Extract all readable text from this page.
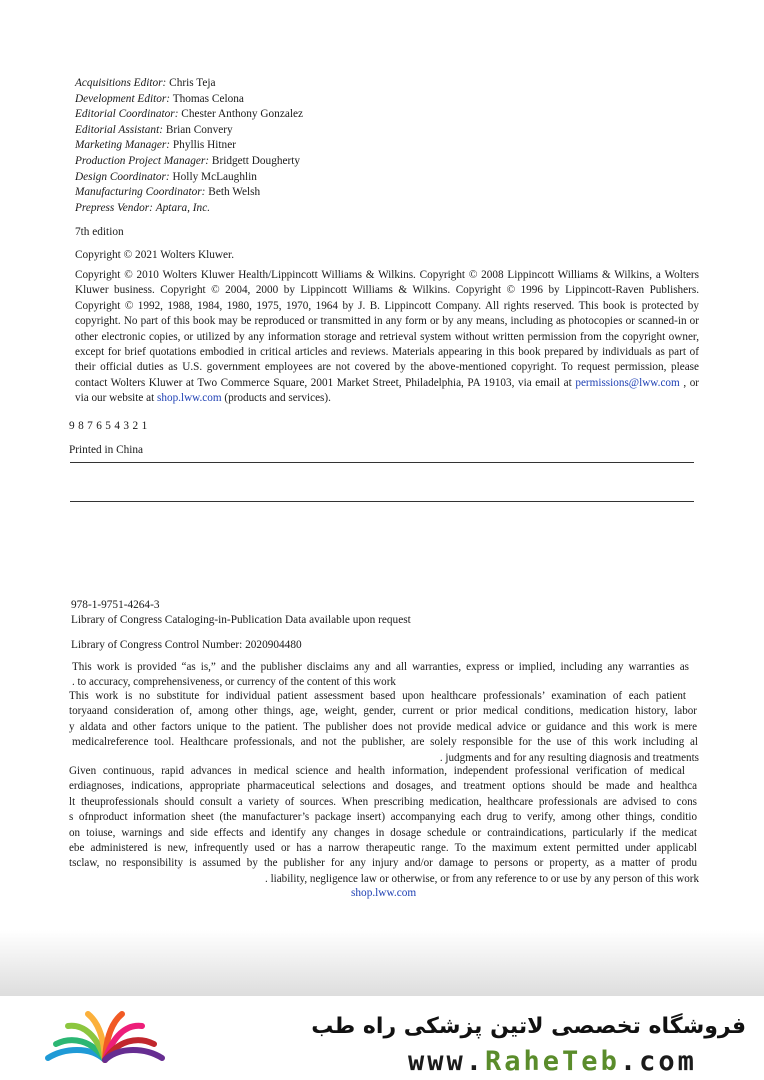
Acquisitions Editor: Chris Teja
Development Editor: Thomas Celona
Editorial Coordinator: Chester Anthony Gonzalez
Editorial Assistant: Brian Convery
Marketing Manager: Phyllis Hitner
Production Project Manager: Bridgett Dougherty
Design Coordinator: Holly McLaughlin
Manufacturing Coordinator: Beth Welsh
Prepress Vendor: Aptara, Inc.
7th edition
Copyright © 2021 Wolters Kluwer.
Copyright © 2010 Wolters Kluwer Health/Lippincott Williams & Wilkins. Copyright © 2008 Lippincott Williams & Wilkins, a Wolters Kluwer business. Copyright © 2004, 2000 by Lippincott Williams & Wilkins. Copyright © 1996 by Lippincott-Raven Publishers. Copyright © 1992, 1988, 1984, 1980, 1975, 1970, 1964 by J. B. Lippincott Company. All rights reserved. This book is protected by copyright. No part of this book may be reproduced or transmitted in any form or by any means, including as photocopies or scanned-in or other electronic copies, or utilized by any information storage and retrieval system without written permission from the copyright owner, except for brief quotations embodied in critical articles and reviews. Materials appearing in this book prepared by individuals as part of their official duties as U.S. government employees are not covered by the above-mentioned copyright. To request permission, please contact Wolters Kluwer at Two Commerce Square, 2001 Market Street, Philadelphia, PA 19103, via email at permissions@lww.com , or via our website at shop.lww.com (products and services).
9 8 7 6 5 4 3 2 1
Printed in China
978-1-9751-4264-3
Library of Congress Cataloging-in-Publication Data available upon request
Library of Congress Control Number: 2020904480
This work is provided “as is,” and the publisher disclaims any and all warranties, express or implied, including any warranties as
. to accuracy, comprehensiveness, or currency of the content of this work
This work is no substitute for individual patient assessment based upon healthcare professionals’ examination of each patient
toryaand consideration of, among other things, age, weight, gender, current or prior medical conditions, medication history, labor
y aldata and other factors unique to the patient. The publisher does not provide medical advice or guidance and this work is mere
medicalreference tool. Healthcare professionals, and not the publisher, are solely responsible for the use of this work including al
. judgments and for any resulting diagnosis and treatments
Given continuous, rapid advances in medical science and health information, independent professional verification of medical
erdiagnoses, indications, appropriate pharmaceutical selections and dosages, and treatment options should be made and healthca
lt theuprofessionals should consult a variety of sources. When prescribing medication, healthcare professionals are advised to cons
s ofnproduct information sheet (the manufacturer’s package insert) accompanying each drug to verify, among other things, conditio
on toiuse, warnings and side effects and identify any changes in dosage schedule or contraindications, particularly if the medicat
ebe administered is new, infrequently used or has a narrow therapeutic range. To the maximum extent permitted under applicabl
tsclaw, no responsibility is assumed by the publisher for any injury and/or damage to persons or property, as a matter of produ
. liability, negligence law or otherwise, or from any reference to or use by any person of this work
shop.lww.com
فروشگاه تخصصی لاتین پزشکی راه طب
www.RaheTeb.com
